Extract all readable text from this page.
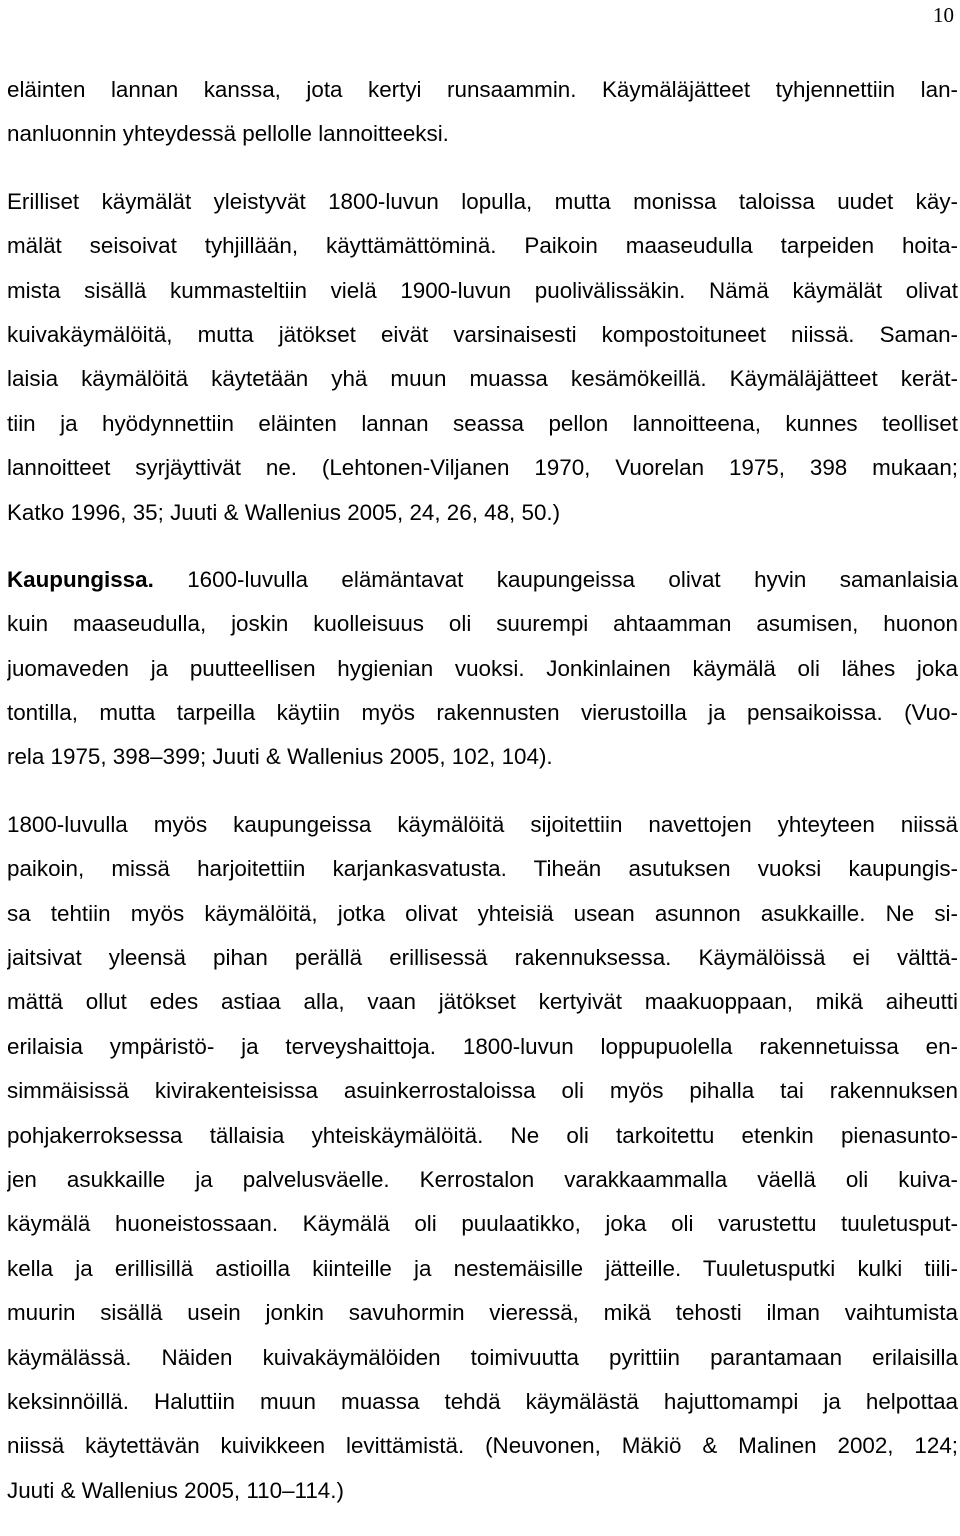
10
eläinten lannan kanssa, jota kertyi runsaammin. Käymäläjätteet tyhjennettiin lan-
nanluonnin yhteydessä pellolle lannoitteeksi.
Erilliset käymälät yleistyvät 1800-luvun lopulla, mutta monissa taloissa uudet käy-
mälät seisoivat tyhjillään, käyttämättöminä. Paikoin maaseudulla tarpeiden hoita-
mista sisällä kummasteltiin vielä 1900-luvun puolivälissäkin. Nämä käymälät olivat
kuivakäymälöitä, mutta jätökset eivät varsinaisesti kompostoituneet niissä. Saman-
laisia käymälöitä käytetään yhä muun muassa kesämökeillä. Käymäläjätteet kerät-
tiin ja hyödynnettiin eläinten lannan seassa pellon lannoitteena, kunnes teolliset
lannoitteet syrjäyttivät ne. (Lehtonen-Viljanen 1970, Vuorelan 1975, 398 mukaan;
Katko 1996, 35; Juuti & Wallenius 2005, 24, 26, 48, 50.)
Kaupungissa. 1600-luvulla elämäntavat kaupungeissa olivat hyvin samanlaisia
kuin maaseudulla, joskin kuolleisuus oli suurempi ahtaamman asumisen, huonon
juomaveden ja puutteellisen hygienian vuoksi. Jonkinlainen käymälä oli lähes joka
tontilla, mutta tarpeilla käytiin myös rakennusten vierustoilla ja pensaikoissa. (Vuo-
rela 1975, 398–399; Juuti & Wallenius 2005, 102, 104).
1800-luvulla myös kaupungeissa käymälöitä sijoitettiin navettojen yhteyteen niissä
paikoin, missä harjoitettiin karjankasvatusta. Tiheän asutuksen vuoksi kaupungis-
sa tehtiin myös käymälöitä, jotka olivat yhteisiä usean asunnon asukkaille. Ne si-
jaitsivat yleensä pihan perällä erillisessä rakennuksessa. Käymälöissä ei välttä-
mättä ollut edes astiaa alla, vaan jätökset kertyivät maakuoppaan, mikä aiheutti
erilaisia ympäristö- ja terveyshaittoja. 1800-luvun loppupuolella rakennetuissa en-
simmäisissä kivirakenteisissa asuinkerrostaloissa oli myös pihalla tai rakennuksen
pohjakerroksessa tällaisia yhteiskäymälöitä. Ne oli tarkoitettu etenkin pienasunto-
jen asukkaille ja palvelusväelle. Kerrostalon varakkaammalla väellä oli kuiva-
käymälä huoneistossaan. Käymälä oli puulaatikko, joka oli varustettu tuuletusput-
kella ja erillisillä astioilla kiinteille ja nestemäisille jätteille. Tuuletusputki kulki tiili-
muurin sisällä usein jonkin savuhormin vieressä, mikä tehosti ilman vaihtumista
käymälässä. Näiden kuivakäymälöiden toimivuutta pyrittiin parantamaan erilaisilla
keksinnöillä. Haluttiin muun muassa tehdä käymälästä hajuttomampi ja helpottaa
niissä käytettävän kuivikkeen levittämistä. (Neuvonen, Mäkiö & Malinen 2002, 124;
Juuti & Wallenius 2005, 110–114.)
